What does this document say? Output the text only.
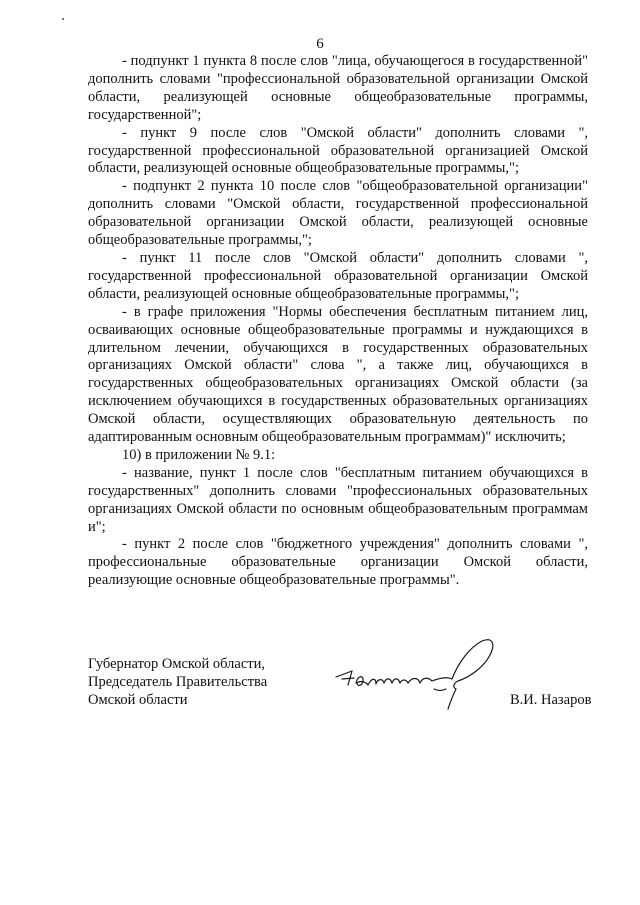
6

- подпункт 1 пункта 8 после слов "лица, обучающегося в государственной" дополнить словами "профессиональной образовательной организации Омской области, реализующей основные общеобразовательные программы, государственной";

- пункт 9 после слов "Омской области" дополнить словами ", государственной профессиональной образовательной организацией Омской области, реализующей основные общеобразовательные программы,";

- подпункт 2 пункта 10 после слов "общеобразовательной организации" дополнить словами "Омской области, государственной профессиональной образовательной организации Омской области, реализующей основные общеобразовательные программы,";

- пункт 11 после слов "Омской области" дополнить словами ", государственной профессиональной образовательной организации Омской области, реализующей основные общеобразовательные программы,";

- в графе приложения "Нормы обеспечения бесплатным питанием лиц, осваивающих основные общеобразовательные программы и нуждающихся в длительном лечении, обучающихся в государственных образовательных организациях Омской области" слова ", а также лиц, обучающихся в государственных общеобразовательных организациях Омской области (за исключением обучающихся в государственных образовательных организациях Омской области, осуществляющих образовательную деятельность по адаптированным основным общеобразовательным программам)" исключить;

10) в приложении № 9.1:

- название, пункт 1 после слов "бесплатным питанием обучающихся в государственных" дополнить словами "профессиональных образовательных организациях Омской области по основным общеобразовательным программам и";

- пункт 2 после слов "бюджетного учреждения" дополнить словами ", профессиональные образовательные организации Омской области, реализующие основные общеобразовательные программы".

Губернатор Омской области,
Председатель Правительства
Омской области	В.И. Назаров
